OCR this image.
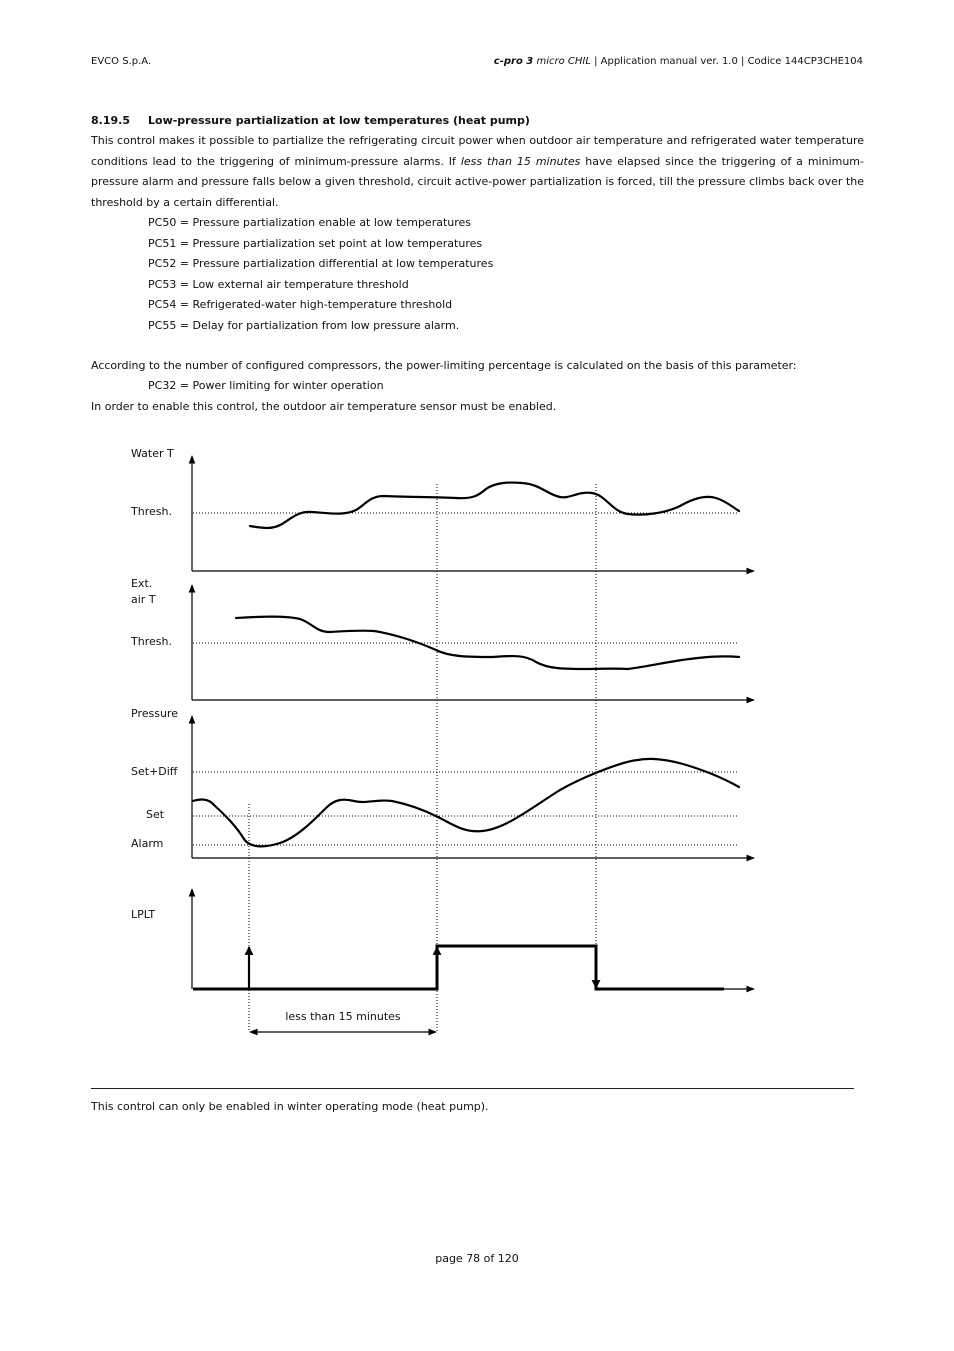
EVCO S.p.A.	c-pro 3 micro CHIL | Application manual ver. 1.0 | Codice 144CP3CHE104
8.19.5 Low-pressure partialization at low temperatures (heat pump)
This control makes it possible to partialize the refrigerating circuit power when outdoor air temperature and refrigerated water temperature conditions lead to the triggering of minimum-pressure alarms. If less than 15 minutes have elapsed since the triggering of a minimum-pressure alarm and pressure falls below a given threshold, circuit active-power partialization is forced, till the pressure climbs back over the threshold by a certain differential.
PC50 = Pressure partialization enable at low temperatures
PC51 = Pressure partialization set point at low temperatures
PC52 = Pressure partialization differential at low temperatures
PC53 = Low external air temperature threshold
PC54 = Refrigerated-water high-temperature threshold
PC55 = Delay for partialization from low pressure alarm.
According to the number of configured compressors, the power-limiting percentage is calculated on the basis of this parameter:
PC32 = Power limiting for winter operation
In order to enable this control, the outdoor air temperature sensor must be enabled.
Water T
Thresh.
Ext.
air T
Thresh.
Pressure
Set+Diff
Set
Alarm
LPLT
less than 15 minutes
This control can only be enabled in winter operating mode (heat pump).
page 78 of 120
